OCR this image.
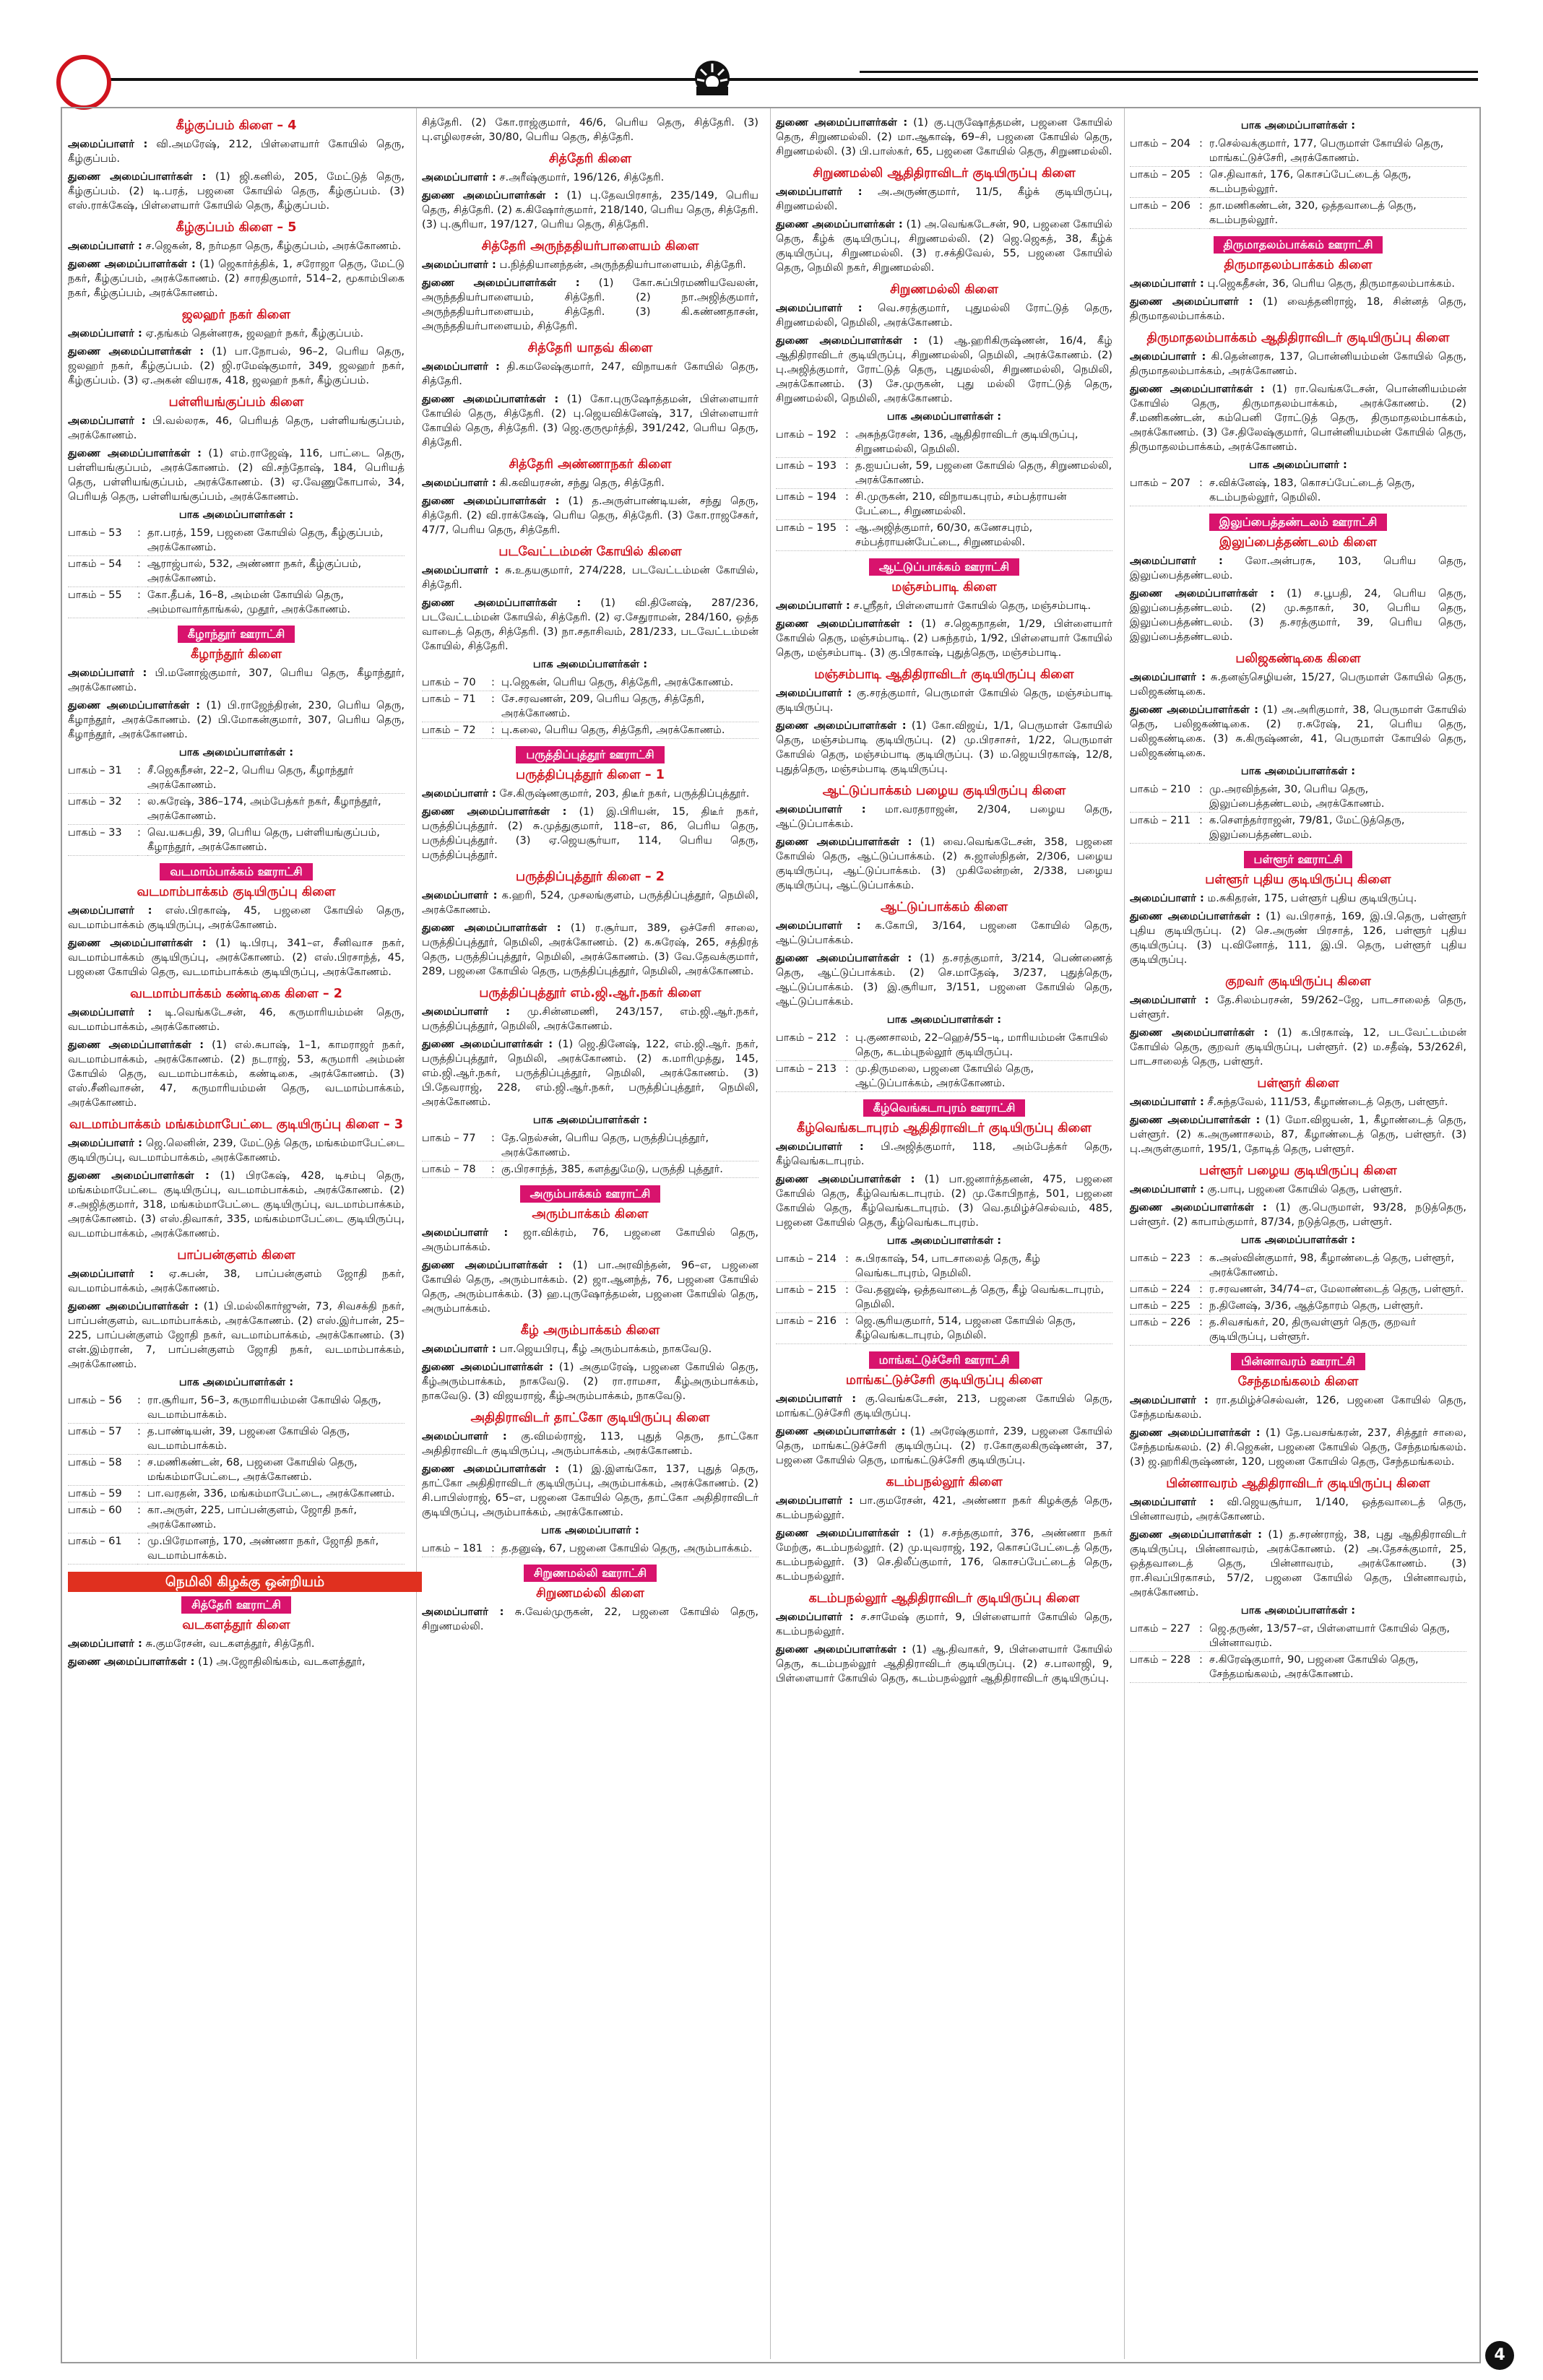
கீழ்குப்பம் கிளை – 4
அமைப்பாளர் : வி.அமரேஷ், 212, பிள்ளையார் கோயில் தெரு, கீழ்குப்பம்.
துணை அமைப்பாளர்கள் : (1) ஜி.கனில், 205, மேட்டுத் தெரு, கீழ்குப்பம். (2) டி.பரத், பஜனை கோயில் தெரு, கீழ்குப்பம். (3) எஸ்.ராக்கேஷ், பிள்ளையார் கோயில் தெரு, கீழ்குப்பம்.
கீழ்குப்பம் கிளை – 5
அமைப்பாளர் : ச.ஜெகன், 8, நர்மதா தெரு, கீழ்குப்பம், அரக்கோணம்.
துணை அமைப்பாளர்கள் : (1) ஜெகார்த்திக், 1, சரோஜா தெரு, மேட்டு நகர், கீழ்குப்பம், அரக்கோணம். (2) சாரதிகுமார், 514–2, மூகாம்பிகை நகர், கீழ்குப்பம், அரக்கோணம்.
ஜலஹர் நகர் கிளை
அமைப்பாளர் : ஏ.தங்கம் தென்னரசு, ஜலஹர் நகர், கீழ்குப்பம்.
துணை அமைப்பாளர்கள் : (1) பா.நோபல், 96–2, பெரிய தெரு, ஜலஹர் நகர், கீழ்குப்பம். (2) ஜி.ரமேஷ்குமார், 349, ஜலஹர் நகர், கீழ்குப்பம். (3) ஏ.அகன் வியரசு, 418, ஜலஹர் நகர், கீழ்குப்பம்.
பள்ளியங்குப்பம் கிளை
அமைப்பாளர் : பி.வல்லரசு, 46, பெரியத் தெரு, பள்ளியங்குப்பம், அரக்கோணம்.
துணை அமைப்பாளர்கள் : (1) எம்.ராஜேஷ், 116, பாட்டை தெரு, பள்ளியங்குப்பம், அரக்கோணம். (2) வி.சந்தோஷ், 184, பெரியத் தெரு, பள்ளியங்குப்பம், அரக்கோணம். (3) ஏ.வேணுகோபால், 34, பெரியத் தெரு, பள்ளியங்குப்பம், அரக்கோணம்.
பாக அமைப்பாளர்கள் :
பாகம் – 53	:	தா.பரத், 159, பஜனை கோயில் தெரு, கீழ்குப்பம், அரக்கோணம்.
பாகம் – 54	:	ஆராஜ்பால், 532, அண்ணா நகர், கீழ்குப்பம், அரக்கோணம்.
பாகம் – 55	:	கோ.தீபக், 16–8, அம்மன் கோயில் தெரு, அம்மாவார்தாங்கல், முதூர், அரக்கோணம்.
கீழாந்தூர் ஊராட்சி
கீழாந்தூர் கிளை
அமைப்பாளர் : பி.மனோஜ்குமார், 307, பெரிய தெரு, கீழாந்தூர், அரக்கோணம்.
துணை அமைப்பாளர்கள் : (1) பி.ராஜேந்திரன், 230, பெரிய தெரு, கீழாந்தூர், அரக்கோணம். (2) பி.மோகன்குமார், 307, பெரிய தெரு, கீழாந்தூர், அரக்கோணம்.
பாக அமைப்பாளர்கள் :
பாகம் – 31	:	சீ.ஜெகநீசன், 22–2, பெரிய தெரு, கீழாந்தூர் அரக்கோணம்.
பாகம் – 32	:	ல.சுரேஷ், 386–174, அம்பேத்கர் நகர், கீழாந்தூர், அரக்கோணம்.
பாகம் – 33	:	வெ.யசுபதி, 39, பெரிய தெரு, பள்ளியங்குப்பம், கீழாந்தூர், அரக்கோணம்.
வடமாம்பாக்கம் ஊராட்சி
வடமாம்பாக்கம் குடியிருப்பு கிளை
அமைப்பாளர் : எஸ்.பிரகாஷ், 45, பஜனை கோயில் தெரு, வடமாம்பாக்கம் குடியிருப்பு, அரக்கோணம்.
துணை அமைப்பாளர்கள் : (1) டி.பிரபு, 341–எ, சீனிவாச நகர், வடமாம்பாக்கம் குடியிருப்பு, அரக்கோணம். (2) எஸ்.பிரசாந்த், 45, பஜனை கோயில் தெரு, வடமாம்பாக்கம் குடியிருப்பு, அரக்கோணம்.
வடமாம்பாக்கம் கண்டிகை கிளை – 2
அமைப்பாளர் : டி.வெங்கடேசன், 46, கருமாரியம்மன் தெரு, வடமாம்பாக்கம், அரக்கோணம்.
துணை அமைப்பாளர்கள் : (1) எல்.சுபாஷ், 1–1, காமராஜர் நகர், வடமாம்பாக்கம், அரக்கோணம். (2) நடராஜ், 53, கருமாரி அம்மன் கோயில் தெரு, வடமாம்பாக்கம், கண்டிகை, அரக்கோணம். (3) எஸ்.சீனிவாசன், 47, கருமாரியம்மன் தெரு, வடமாம்பாக்கம், அரக்கோணம்.
வடமாம்பாக்கம் மங்கம்மாபேட்டை குடியிருப்பு கிளை – 3
அமைப்பாளர் : ஜெ.லெனின், 239, மேட்டுத் தெரு, மங்கம்மாபேட்டை குடியிருப்பு, வடமாம்பாக்கம், அரக்கோணம்.
துணை அமைப்பாளர்கள் : (1) பிரகேஷ், 428, டிசம்பு தெரு, மங்கம்மாபேட்டை குடியிருப்பு, வடமாம்பாக்கம், அரக்கோணம். (2) ச.அஜித்குமார், 318, மங்கம்மாபேட்டை குடியிருப்பு, வடமாம்பாக்கம், அரக்கோணம். (3) எஸ்.திவாகர், 335, மங்கம்மாபேட்டை குடியிருப்பு, வடமாம்பாக்கம், அரக்கோணம்.
பாப்பன்குளம் கிளை
அமைப்பாளர் : ஏ.சுபன், 38, பாப்பன்குளம் ஜோதி நகர், வடமாம்பாக்கம், அரக்கோணம்.
துணை அமைப்பாளர்கள் : (1) பி.மல்லிகார்ஜுன், 73, சிவசக்தி நகர், பாப்பன்குளம், வடமாம்பாக்கம், அரக்கோணம். (2) எஸ்.இர்பான், 25–225, பாப்பன்குளம் ஜோதி நகர், வடமாம்பாக்கம், அரக்கோணம். (3) என்.இம்ரான், 7, பாப்பன்குளம் ஜோதி நகர், வடமாம்பாக்கம், அரக்கோணம்.
பாக அமைப்பாளர்கள் :
பாகம் – 56	:	ரா.சூரியா, 56–3, கருமாரியம்மன் கோயில் தெரு, வடமாம்பாக்கம்.
பாகம் – 57	:	த.பாண்டியன், 39, பஜனை கோயில் தெரு, வடமாம்பாக்கம்.
பாகம் – 58	:	ச.மணிகண்டன், 68, பஜனை கோயில் தெரு, மங்கம்மாபேட்டை, அரக்கோணம்.
பாகம் – 59	:	பா.வரதன், 336, மங்கம்மாபேட்டை, அரக்கோணம்.
பாகம் – 60	:	கா.அருள், 225, பாப்பன்குளம், ஜோதி நகர், அரக்கோணம்.
பாகம் – 61	:	மு.பிரேமானந், 170, அண்ணா நகர், ஜோதி நகர், வடமாம்பாக்கம்.
நெமிலி கிழக்கு ஒன்றியம்
சித்தேரி ஊராட்சி
வடகளத்தூர் கிளை
அமைப்பாளர் : சு.குமரேசன், வடகளத்தூர், சித்தேரி.
துணை அமைப்பாளர்கள் : (1) அ.ஜோதிலிங்கம், வடகளத்தூர்,
சித்தேரி. (2) கோ.ராஜ்குமார், 46/6, பெரிய தெரு, சித்தேரி. (3) பு.எழிலரசன், 30/80, பெரிய தெரு, சித்தேரி.
சித்தேரி கிளை
அமைப்பாளர் : ச.அரீஷ்குமார், 196/126, சித்தேரி.
துணை அமைப்பாளர்கள் : (1) பு.தேவபிரசாத், 235/149, பெரிய தெரு, சித்தேரி. (2) க.கிஷோர்குமார், 218/140, பெரிய தெரு, சித்தேரி. (3) பு.சூரியா, 197/127, பெரிய தெரு, சித்தேரி.
சித்தேரி அருந்ததியர்பாளையம் கிளை
அமைப்பாளர் : ப.நித்தியானந்தன், அருந்ததியர்பாளையம், சித்தேரி.
துணை அமைப்பாளர்கள் : (1) கோ.சுப்பிரமணியவேலன், அருந்ததியர்பாளையம், சித்தேரி. (2) நா.அஜித்குமார், அருந்ததியர்பாளையம், சித்தேரி. (3) கி.கண்ணதாசன், அருந்ததியர்பாளையம், சித்தேரி.
சித்தேரி யாதவ் கிளை
அமைப்பாளர் : தி.கமலேஷ்குமார், 247, விநாயகர் கோயில் தெரு, சித்தேரி.
துணை அமைப்பாளர்கள் : (1) கோ.புருஷோத்தமன், பிள்ளையார் கோயில் தெரு, சித்தேரி. (2) பு.ஜெயவிக்னேஷ், 317, பிள்ளையார் கோயில் தெரு, சித்தேரி. (3) ஜெ.குருமூர்த்தி, 391/242, பெரிய தெரு, சித்தேரி.
சித்தேரி அண்ணாநகர் கிளை
அமைப்பாளர் : கி.கவியரசன், சந்து தெரு, சித்தேரி.
துணை அமைப்பாளர்கள் : (1) த.அருள்பாண்டியன், சந்து தெரு, சித்தேரி. (2) வி.ராக்கேஷ், பெரிய தெரு, சித்தேரி. (3) கோ.ராஜசேகர், 47/7, பெரிய தெரு, சித்தேரி.
படவேட்டம்மன் கோயில் கிளை
அமைப்பாளர் : சு.உதயகுமார், 274/228, படவேட்டம்மன் கோயில், சித்தேரி.
துணை அமைப்பாளர்கள் : (1) வி.தினேஷ், 287/236, படவேட்டம்மன் கோயில், சித்தேரி. (2) ஏ.சேதுராமன், 284/160, ஒத்த வாடைத் தெரு, சித்தேரி. (3) நா.சதாசிவம், 281/233, படவேட்டம்மன் கோயில், சித்தேரி.
பாக அமைப்பாளர்கள் :
பாகம் – 70	:	பு.ஜெகன், பெரிய தெரு, சித்தேரி, அரக்கோணம்.
பாகம் – 71	:	சே.சரவணன், 209, பெரிய தெரு, சித்தேரி, அரக்கோணம்.
பாகம் – 72	:	பு.கலை, பெரிய தெரு, சித்தேரி, அரக்கோணம்.
பருத்திப்புத்தூர் ஊராட்சி
பருத்திப்புத்தூர் கிளை – 1
அமைப்பாளர் : சே.கிருஷ்ணகுமார், 203, திடீர் நகர், பருத்திப்புத்தூர்.
துணை அமைப்பாளர்கள் : (1) இ.பிரியன், 15, திடீர் நகர், பருத்திப்புத்தூர். (2) சு.முத்துகுமார், 118–எ, 86, பெரிய தெரு, பருத்திப்புத்தூர். (3) ஏ.ஜெயசூர்யா, 114, பெரிய தெரு, பருத்திப்புத்தூர்.
பருத்திப்புத்தூர் கிளை – 2
அமைப்பாளர் : க.ஹரி, 524, முசலங்குளம், பருத்திப்புத்தூர், நெமிலி, அரக்கோணம்.
துணை அமைப்பாளர்கள் : (1) ர.சூர்யா, 389, ஒச்சேரி சாலை, பருத்திப்புத்தூர், நெமிலி, அரக்கோணம். (2) க.சுரேஷ், 265, சத்திரத் தெரு, பருத்திப்புத்தூர், நெமிலி, அரக்கோணம். (3) வே.தேவக்குமார், 289, பஜனை கோயில் தெரு, பருத்திப்புத்தூர், நெமிலி, அரக்கோணம்.
பருத்திப்புத்தூர் எம்.ஜி.ஆர்.நகர் கிளை
அமைப்பாளர் : மு.சின்னமணி, 243/157, எம்.ஜி.ஆர்.நகர், பருத்திப்புத்தூர், நெமிலி, அரக்கோணம்.
துணை அமைப்பாளர்கள் : (1) ஜெ.தினேஷ், 122, எம்.ஜி.ஆர். நகர், பருத்திப்புத்தூர், நெமிலி, அரக்கோணம். (2) க.மாரிமுத்து, 145, எம்.ஜி.ஆர்.நகர், பருத்திப்புத்தூர், நெமிலி, அரக்கோணம். (3) பி.தேவராஜ், 228, எம்.ஜி.ஆர்.நகர், பருத்திப்புத்தூர், நெமிலி, அரக்கோணம்.
பாக அமைப்பாளர்கள் :
பாகம் – 77	:	தே.நெல்சன், பெரிய தெரு, பருத்திப்புத்தூர், அரக்கோணம்.
பாகம் – 78	:	கு.பிரசாந்த், 385, களத்துமேடு, பருத்தி புத்தூர்.
அரும்பாக்கம் ஊராட்சி
அரும்பாக்கம் கிளை
அமைப்பாளர் : ஜா.விக்ரம், 76, பஜனை கோயில் தெரு, அரும்பாக்கம்.
துணை அமைப்பாளர்கள் : (1) பா.அரவிந்தன், 96–எ, பஜனை கோயில் தெரு, அரும்பாக்கம். (2) ஜா.ஆனந்த், 76, பஜனை கோயில் தெரு, அரும்பாக்கம். (3) ஹ.புருஷோத்தமன், பஜனை கோயில் தெரு, அரும்பாக்கம்.
கீழ் அரும்பாக்கம் கிளை
அமைப்பாளர் : பா.ஜெயபிரபு, கீழ் அரும்பாக்கம், நாகவேடு.
துணை அமைப்பாளர்கள் : (1) அகுமரேஷ், பஜனை கோயில் தெரு, கீழ்அரும்பாக்கம், நாகவேடு. (2) ரா.ராமசா, கீழ்அரும்பாக்கம், நாகவேடு. (3) விஜயராஜ், கீழ்அரும்பாக்கம், நாகவேடு.
அதிதிராவிடர் தாட்கோ குடியிருப்பு கிளை
அமைப்பாளர் : கு.விமல்ராஜ், 113, புதுத் தெரு, தாட்கோ அதிதிராவிடர் குடியிருப்பு, அரும்பாக்கம், அரக்கோணம்.
துணை அமைப்பாளர்கள் : (1) இ.இளங்கோ, 137, புதுத் தெரு, தாட்கோ அதிதிராவிடர் குடியிருப்பு, அரும்பாக்கம், அரக்கோணம். (2) சி.பாபிஸ்ராஜ், 65–எ, பஜனை கோயில் தெரு, தாட்கோ அதிதிராவிடர் குடியிருப்பு, அரும்பாக்கம், அரக்கோணம்.
பாக அமைப்பாளர் :
பாகம் – 181	:	த.தனுஷ், 67, பஜனை கோயில் தெரு, அரும்பாக்கம்.
சிறுணமல்லி ஊராட்சி
சிறுணமல்லி கிளை
அமைப்பாளர் : சு.வேல்முருகன், 22, பஜனை கோயில் தெரு, சிறுணமல்லி.
துணை அமைப்பாளர்கள் : (1) கு.புருஷோத்தமன், பஜனை கோயில் தெரு, சிறுணமல்லி. (2) மா.ஆகாஷ், 69–சி, பஜனை கோயில் தெரு, சிறுணமல்லி. (3) பி.பாஸ்கர், 65, பஜனை கோயில் தெரு, சிறுணமல்லி.
சிறுணமல்லி ஆதிதிராவிடர் குடியிருப்பு கிளை
அமைப்பாளர் : அ.அருண்குமார், 11/5, கீழ்க் குடியிருப்பு, சிறுணமல்லி.
துணை அமைப்பாளர்கள் : (1) அ.வெங்கடேசன், 90, பஜனை கோயில் தெரு, கீழ்க் குடியிருப்பு, சிறுணமல்லி. (2) ஜெ.ஜெகத், 38, கீழ்க் குடியிருப்பு, சிறுணமல்லி. (3) ர.சக்திவேல், 55, பஜனை கோயில் தெரு, நெமிலி நகர், சிறுணமல்லி.
சிறுணமல்லி கிளை
அமைப்பாளர் : வெ.சரத்குமார், புதுமல்லி ரோட்டுத் தெரு, சிறுணமல்லி, நெமிலி, அரக்கோணம்.
துணை அமைப்பாளர்கள் : (1) ஆ.ஹரிகிருஷ்ணன், 16/4, கீழ் ஆதிதிராவிடர் குடியிருப்பு, சிறுணமல்லி, நெமிலி, அரக்கோணம். (2) பு.அஜித்குமார், ரோட்டுத் தெரு, புதுமல்லி, சிறுணமல்லி, நெமிலி, அரக்கோணம். (3) சே.முருகன், புது மல்லி ரோட்டுத் தெரு, சிறுணமல்லி, நெமிலி, அரக்கோணம்.
பாக அமைப்பாளர்கள் :
பாகம் – 192	:	அசுந்தரேசன், 136, ஆதிதிராவிடர் குடியிருப்பு, சிறுணமல்லி, நெமிலி.
பாகம் – 193	:	த.ஐயப்பன், 59, பஜனை கோயில் தெரு, சிறுணமல்லி, அரக்கோணம்.
பாகம் – 194	:	சி.முருகன், 210, விநாயகபுரம், சம்பத்ராயன் பேட்டை, சிறுணமல்லி.
பாகம் – 195	:	ஆ.அஜித்குமார், 60/30, கணேசபுரம், சம்பத்ராயன்பேட்டை, சிறுணமல்லி.
ஆட்டுப்பாக்கம் ஊராட்சி
மஞ்சம்பாடி கிளை
அமைப்பாளர் : ச.ஸ்ரீதர், பிள்ளையார் கோயில் தெரு, மஞ்சம்பாடி.
துணை அமைப்பாளர்கள் : (1) ச.ஜெகநாதன், 1/29, பிள்ளையார் கோயில் தெரு, மஞ்சம்பாடி. (2) பசுந்தரம், 1/92, பிள்ளையார் கோயில் தெரு, மஞ்சம்பாடி. (3) கு.பிரகாஷ், புதுத்தெரு, மஞ்சம்பாடி.
மஞ்சம்பாடி ஆதிதிராவிடர் குடியிருப்பு கிளை
அமைப்பாளர் : கு.சரத்குமார், பெருமாள் கோயில் தெரு, மஞ்சம்பாடி குடியிருப்பு.
துணை அமைப்பாளர்கள் : (1) கோ.விஜய், 1/1, பெருமாள் கோயில் தெரு, மஞ்சம்பாடி குடியிருப்பு. (2) மு.பிரசாசர், 1/22, பெருமாள் கோயில் தெரு, மஞ்சம்பாடி குடியிருப்பு. (3) ம.ஜெயபிரகாஷ், 12/8, புதுத்தெரு, மஞ்சம்பாடி குடியிருப்பு.
ஆட்டுப்பாக்கம் பழைய குடியிருப்பு கிளை
அமைப்பாளர் : மா.வரதராஜன், 2/304, பழைய தெரு, ஆட்டுப்பாக்கம்.
துணை அமைப்பாளர்கள் : (1) வை.வெங்கடேசன், 358, பஜனை கோயில் தெரு, ஆட்டுப்பாக்கம். (2) சு.ஜாஸ்நிதன், 2/306, பழைய குடியிருப்பு, ஆட்டுப்பாக்கம். (3) முகிலேன்றன், 2/338, பழைய குடியிருப்பு, ஆட்டுப்பாக்கம்.
ஆட்டுப்பாக்கம் கிளை
அமைப்பாளர் : க.கோபி, 3/164, பஜனை கோயில் தெரு, ஆட்டுப்பாக்கம்.
துணை அமைப்பாளர்கள் : (1) த.சரத்குமார், 3/214, பெண்ணைத் தெரு, ஆட்டுப்பாக்கம். (2) செ.மாதேஷ், 3/237, புதுத்தெரு, ஆட்டுப்பாக்கம். (3) இ.சூரியா, 3/151, பஜனை கோயில் தெரு, ஆட்டுப்பாக்கம்.
பாக அமைப்பாளர்கள் :
பாகம் – 212	:	பு.குணசாலம், 22–ஹெச்/55–டி, மாரியம்மன் கோயில் தெரு, கடம்புநல்லூர் குடியிருப்பு.
பாகம் – 213	:	மு.திருமலை, பஜனை கோயில் தெரு, ஆட்டுப்பாக்கம், அரக்கோணம்.
கீழ்வெங்கடாபுரம் ஊராட்சி
கீழ்வெங்கடாபுரம் ஆதிதிராவிடர் குடியிருப்பு கிளை
அமைப்பாளர் : பி.அஜித்குமார், 118, அம்பேத்கர் தெரு, கீழ்வெங்கடாபுரம்.
துணை அமைப்பாளர்கள் : (1) பா.ஜனார்த்தனன், 475, பஜனை கோயில் தெரு, கீழ்வெங்கடாபுரம். (2) மு.கோபிநாத், 501, பஜனை கோயில் தெரு, கீழ்வெங்கடாபுரம். (3) வெ.தமிழ்ச்செல்வம், 485, பஜனை கோயில் தெரு, கீழ்வெங்கடாபுரம்.
பாக அமைப்பாளர்கள் :
பாகம் – 214	:	சு.பிரகாஷ், 54, பாடசாலைத் தெரு, கீழ் வெங்கடாபுரம், நெமிலி.
பாகம் – 215	:	வே.தனுஷ், ஒத்தவாடைத் தெரு, கீழ் வெங்கடாபுரம், நெமிலி.
பாகம் – 216	:	ஜெ.சூரியகுமார், 514, பஜனை கோயில் தெரு, கீழ்வெங்கடாபுரம், நெமிலி.
மாங்கட்டுச்சேரி ஊராட்சி
மாங்கட்டுச்சேரி குடியிருப்பு கிளை
அமைப்பாளர் : கு.வெங்கடேசன், 213, பஜனை கோயில் தெரு, மாங்கட்டுச்சேரி குடியிருப்பு.
துணை அமைப்பாளர்கள் : (1) அரேஷ்குமார், 239, பஜனை கோயில் தெரு, மாங்கட்டுச்சேரி குடியிருப்பு. (2) ர.கோகுலகிருஷ்ணன், 37, பஜனை கோயில் தெரு, மாங்கட்டுச்சேரி குடியிருப்பு.
கடம்பநல்லூர் கிளை
அமைப்பாளர் : பா.குமரேசன், 421, அண்ணா நகர் கிழக்குத் தெரு, கடம்பநல்லூர்.
துணை அமைப்பாளர்கள் : (1) ச.சந்தகுமார், 376, அண்ணா நகர் மேற்கு, கடம்பநல்லூர். (2) மு.யுவராஜ், 192, கொசப்பேட்டைத் தெரு, கடம்பநல்லூர். (3) செ.திலீப்குமார், 176, கொசப்பேட்டைத் தெரு, கடம்பநல்லூர்.
கடம்பநல்லூர் ஆதிதிராவிடர் குடியிருப்பு கிளை
அமைப்பாளர் : ச.சாமேஷ் குமார், 9, பிள்ளையார் கோயில் தெரு, கடம்பநல்லூர்.
துணை அமைப்பாளர்கள் : (1) ஆ.திவாகர், 9, பிள்ளையார் கோயில் தெரு, கடம்பநல்லூர் ஆதிதிராவிடர் குடியிருப்பு. (2) ச.பாலாஜி, 9, பிள்ளையார் கோயில் தெரு, கடம்பநல்லூர் ஆதிதிராவிடர் குடியிருப்பு.
பாக அமைப்பாளர்கள் :
பாகம் – 204	:	ர.செல்வக்குமார், 177, பெருமாள் கோயில் தெரு, மாங்கட்டுச்சேரி, அரக்கோணம்.
பாகம் – 205	:	செ.திவாகர், 176, கொசப்பேட்டைத் தெரு, கடம்பநல்லூர்.
பாகம் – 206	:	தா.மணிகண்டன், 320, ஒத்தவாடைத் தெரு, கடம்பநல்லூர்.
திருமாதலம்பாக்கம் ஊராட்சி
திருமாதலம்பாக்கம் கிளை
அமைப்பாளர் : பு.ஜெகதீசன், 36, பெரிய தெரு, திருமாதலம்பாக்கம்.
துணை அமைப்பாளர் : (1) வைத்தனிராஜ், 18, சின்னத் தெரு, திருமாதலம்பாக்கம்.
திருமாதலம்பாக்கம் ஆதிதிராவிடர் குடியிருப்பு கிளை
அமைப்பாளர் : கி.தென்னரசு, 137, பொன்னியம்மன் கோயில் தெரு, திருமாதலம்பாக்கம், அரக்கோணம்.
துணை அமைப்பாளர்கள் : (1) ரா.வெங்கடேசன், பொன்னியம்மன் கோயில் தெரு, திருமாதலம்பாக்கம், அரக்கோணம். (2) சீ.மணிகண்டன், கம்பெனி ரோட்டுத் தெரு, திருமாதலம்பாக்கம், அரக்கோணம். (3) சே.திலேஷ்குமார், பொன்னியம்மன் கோயில் தெரு, திருமாதலம்பாக்கம், அரக்கோணம்.
பாக அமைப்பாளர் :
பாகம் – 207	:	ச.விக்னேஷ், 183, கொசப்பேட்டைத் தெரு, கடம்பநல்லூர், நெமிலி.
இலுப்பைத்தண்டலம் ஊராட்சி
இலுப்பைத்தண்டலம் கிளை
அமைப்பாளர் : லோ.அன்பரசு, 103, பெரிய தெரு, இலுப்பைத்தண்டலம்.
துணை அமைப்பாளர்கள் : (1) ச.பூபதி, 24, பெரிய தெரு, இலுப்பைத்தண்டலம். (2) மு.சுதாகர், 30, பெரிய தெரு, இலுப்பைத்தண்டலம். (3) த.சரத்குமார், 39, பெரிய தெரு, இலுப்பைத்தண்டலம்.
பலிஜகண்டிகை கிளை
அமைப்பாளர் : சு.தனஞ்செழியன், 15/27, பெருமாள் கோயில் தெரு, பலிஜகண்டிகை.
துணை அமைப்பாளர்கள் : (1) அ.அரிகுமார், 38, பெருமாள் கோயில் தெரு, பலிஜகண்டிகை. (2) ர.சுரேஷ், 21, பெரிய தெரு, பலிஜகண்டிகை. (3) சு.கிருஷ்ணன், 41, பெருமாள் கோயில் தெரு, பலிஜகண்டிகை.
பாக அமைப்பாளர்கள் :
பாகம் – 210	:	மு.அரவிந்தன், 30, பெரிய தெரு, இலுப்பைத்தண்டலம், அரக்கோணம்.
பாகம் – 211	:	க.சௌந்தர்ராஜன், 79/81, மேட்டுத்தெரு, இலுப்பைத்தண்டலம்.
பள்ளூர் ஊராட்சி
பள்ளூர் புதிய குடியிருப்பு கிளை
அமைப்பாளர் : ம.சுகிதரன், 175, பள்ளூர் புதிய குடியிருப்பு.
துணை அமைப்பாளர்கள் : (1) வ.பிரசாத், 169, இ.பி.தெரு, பள்ளூர் புதிய குடியிருப்பு. (2) செ.அருண் பிரசாத், 126, பள்ளூர் புதிய குடியிருப்பு. (3) பு.வினோத், 111, இ.பி. தெரு, பள்ளூர் புதிய குடியிருப்பு.
குறவர் குடியிருப்பு கிளை
அமைப்பாளர் : தே.சிலம்பரசன், 59/262–ஜே, பாடசாலைத் தெரு, பள்ளூர்.
துணை அமைப்பாளர்கள் : (1) க.பிரகாஷ், 12, படவேட்டம்மன் கோயில் தெரு, குறவர் குடியிருப்பு, பள்ளூர். (2) ம.சதீஷ், 53/262சி, பாடசாலைத் தெரு, பள்ளூர்.
பள்ளூர் கிளை
அமைப்பாளர் : சீ.சுந்தவேல், 111/53, கீழாண்டைத் தெரு, பள்ளூர்.
துணை அமைப்பாளர்கள் : (1) மோ.விஜயன், 1, கீழாண்டைத் தெரு, பள்ளூர். (2) க.அருணாசலம், 87, கீழாண்டைத் தெரு, பள்ளூர். (3) பு.அருள்குமார், 195/1, தோடித் தெரு, பள்ளூர்.
பள்ளூர் பழைய குடியிருப்பு கிளை
அமைப்பாளர் : கு.பாபு, பஜனை கோயில் தெரு, பள்ளூர்.
துணை அமைப்பாளர்கள் : (1) கு.பெருமாள், 93/28, நடுத்தெரு, பள்ளூர். (2) காபாம்குமார், 87/34, நடுத்தெரு, பள்ளூர்.
பாக அமைப்பாளர்கள் :
பாகம் – 223	:	க.அஸ்வின்குமார், 98, கீழாண்டைத் தெரு, பள்ளூர், அரக்கோணம்.
பாகம் – 224	:	ர.சரவணன், 34/74–எ, மேலாண்டைத் தெரு, பள்ளூர்.
பாகம் – 225	:	ந.தினேஷ், 3/36, ஆத்தோரம் தெரு, பள்ளூர்.
பாகம் – 226	:	த.சிவசங்கர், 20, திருவள்ளுர் தெரு, குறவர் குடியிருப்பு, பள்ளூர்.
பின்னாவரம் ஊராட்சி
சேந்தமங்கலம் கிளை
அமைப்பாளர் : ரா.தமிழ்ச்செல்வன், 126, பஜனை கோயில் தெரு, சேந்தமங்கலம்.
துணை அமைப்பாளர்கள் : (1) தே.பவசங்கரன், 237, சித்தூர் சாலை, சேந்தமங்கலம். (2) சி.ஜெகன், பஜனை கோயில் தெரு, சேந்தமங்கலம். (3) ஜ.ஹரிகிருஷ்ணன், 120, பஜனை கோயில் தெரு, சேந்தமங்கலம்.
பின்னாவரம் ஆதிதிராவிடர் குடியிருப்பு கிளை
அமைப்பாளர் : வி.ஜெயசூர்யா, 1/140, ஒத்தவாடைத் தெரு, பின்னாவரம், அரக்கோணம்.
துணை அமைப்பாளர்கள் : (1) த.சரண்ராஜ், 38, புது ஆதிதிராவிடர் குடியிருப்பு, பின்னாவரம், அரக்கோணம். (2) அ.தேசக்குமார், 25, ஒத்தவாடைத் தெரு, பின்னாவரம், அரக்கோணம். (3) ரா.சிவப்பிரகாசம், 57/2, பஜனை கோயில் தெரு, பின்னாவரம், அரக்கோணம்.
பாக அமைப்பாளர்கள் :
பாகம் – 227	:	ஜெ.தருண், 13/57–எ, பிள்ளையார் கோயில் தெரு, பின்னாவரம்.
பாகம் – 228	:	ச.கிரேஷ்குமார், 90, பஜனை கோயில் தெரு, சேந்தமங்கலம், அரக்கோணம்.
4
